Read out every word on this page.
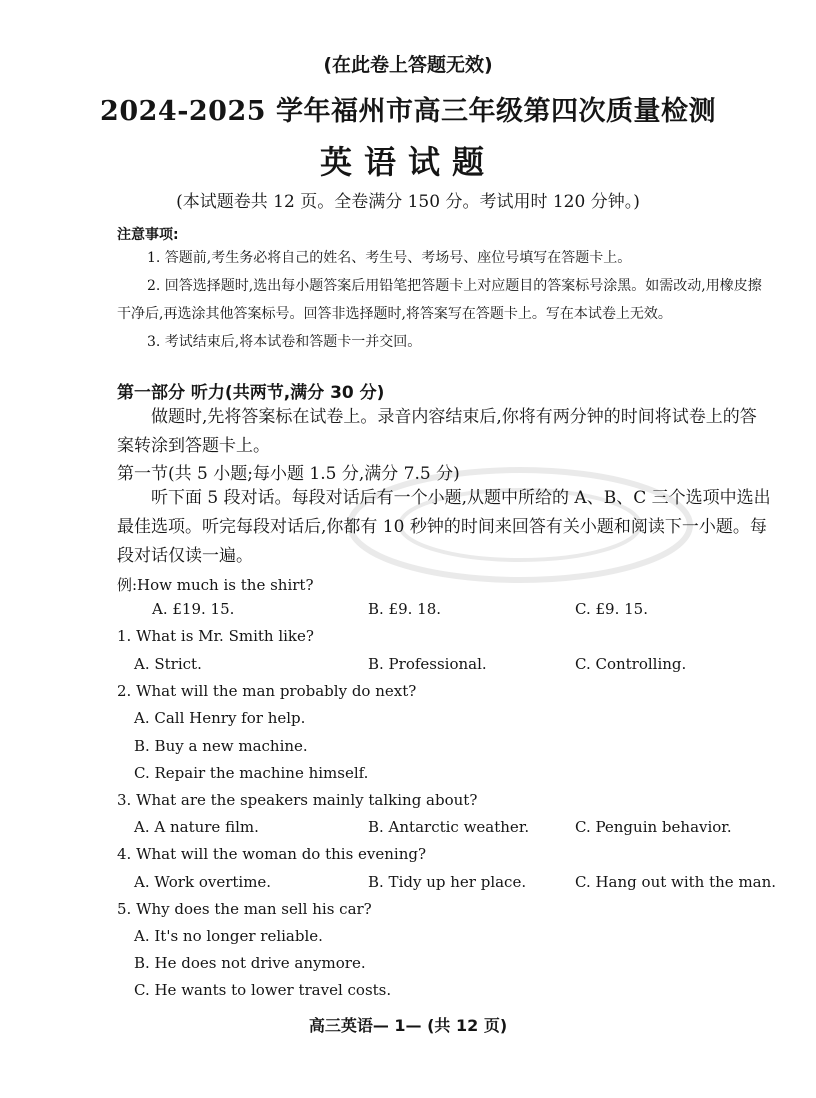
(在此卷上答题无效)
2024-2025 学年福州市高三年级第四次质量检测
英语试题
(本试题卷共 12 页。全卷满分 150 分。考试用时 120 分钟。)
注意事项:

1. 答题前,考生务必将自己的姓名、考生号、考场号、座位号填写在答题卡上。

2. 回答选择题时,选出每小题答案后用铅笔把答题卡上对应题目的答案标号涂黑。如需改动,用橡皮擦干净后,再选涂其他答案标号。回答非选择题时,将答案写在答题卡上。写在本试卷上无效。

3. 考试结束后,将本试卷和答题卡一并交回。

第一部分 听力(共两节,满分 30 分)

做题时,先将答案标在试卷上。录音内容结束后,你将有两分钟的时间将试卷上的答案转涂到答题卡上。

第一节(共 5 小题;每小题 1.5 分,满分 7.5 分)

听下面 5 段对话。每段对话后有一个小题,从题中所给的 A、B、C 三个选项中选出最佳选项。听完每段对话后,你都有 10 秒钟的时间来回答有关小题和阅读下一小题。每段对话仅读一遍。

例:How much is the shirt?
A. £19. 15.	B. £9. 18.	C. £9. 15.
1. What is Mr. Smith like?
A. Strict.	B. Professional.	C. Controlling.
2. What will the man probably do next?
A. Call Henry for help.
B. Buy a new machine.
C. Repair the machine himself.
3. What are the speakers mainly talking about?
A. A nature film.	B. Antarctic weather.	C. Penguin behavior.
4. What will the woman do this evening?
A. Work overtime.	B. Tidy up her place.	C. Hang out with the man.
5. Why does the man sell his car?
A. It's no longer reliable.
B. He does not drive anymore.
C. He wants to lower travel costs.
高三英语— 1— (共 12 页)
